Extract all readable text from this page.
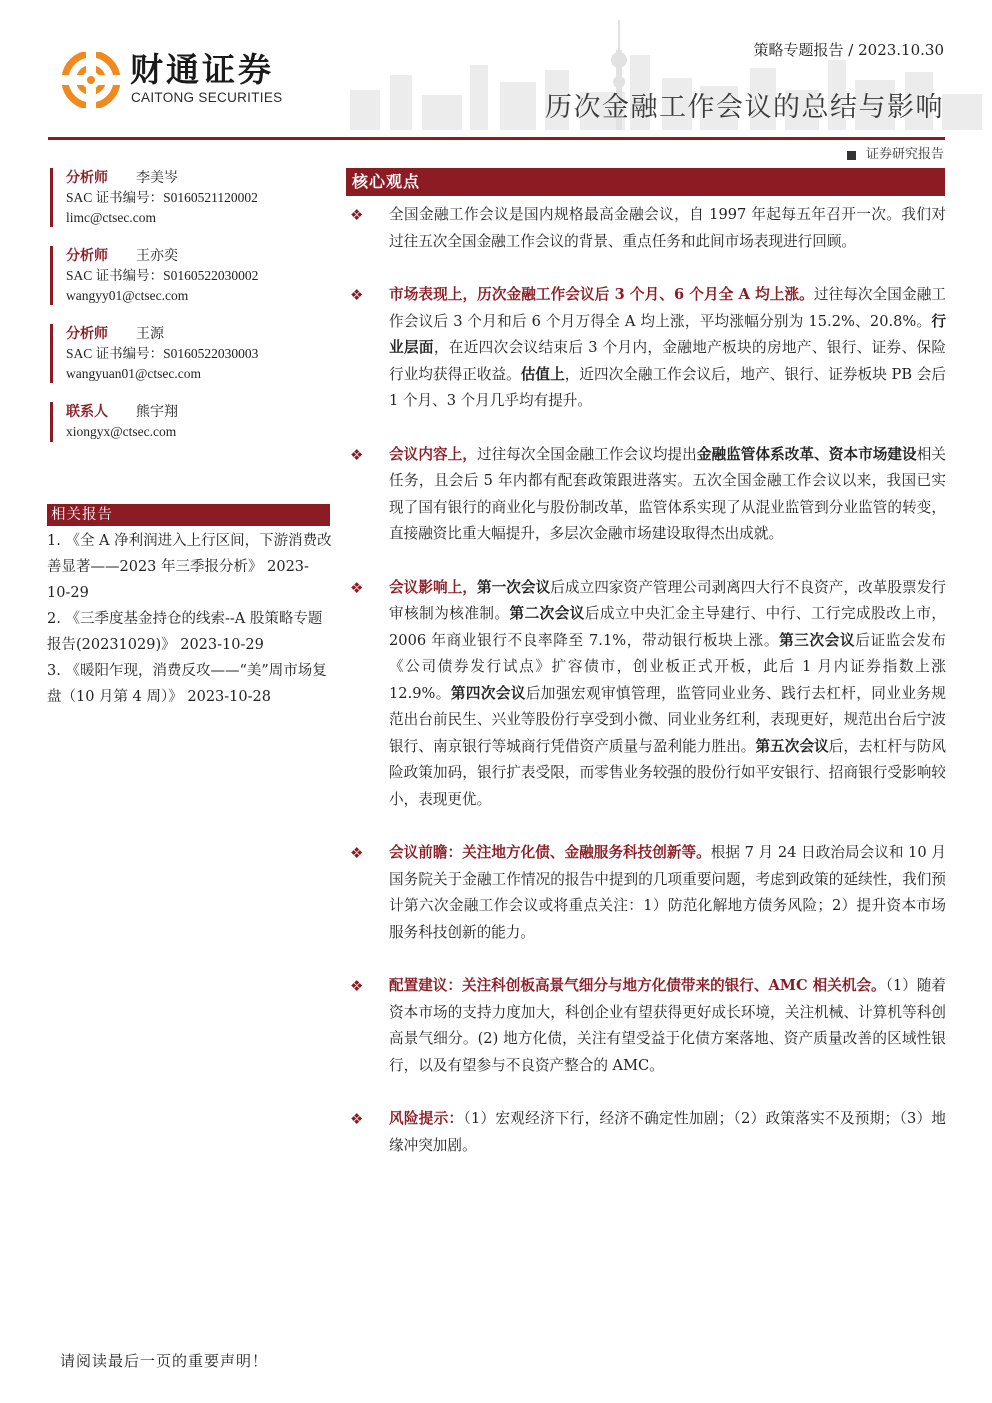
财通证券
CAITONG SECURITIES
策略专题报告 / 2023.10.30
历次金融工作会议的总结与影响
证券研究报告
分析师 李美岑
SAC 证书编号：S0160521120002
limc@ctsec.com
分析师 王亦奕
SAC 证书编号：S0160522030002
wangyy01@ctsec.com
分析师 王源
SAC 证书编号：S0160522030003
wangyuan01@ctsec.com
联系人 熊宇翔
xiongyx@ctsec.com
相关报告
1. 《全 A 净利润进入上行区间，下游消费改善显著——2023 年三季报分析》 2023-10-29
2. 《三季度基金持仓的线索--A 股策略专题报告(20231029)》 2023-10-29
3. 《暖阳乍现，消费反攻——“美”周市场复盘（10 月第 4 周）》 2023-10-28
核心观点
❖ 全国金融工作会议是国内规格最高金融会议，自 1997 年起每五年召开一次。我们对过往五次全国金融工作会议的背景、重点任务和此间市场表现进行回顾。
❖ 市场表现上，历次金融工作会议后 3 个月、6 个月全 A 均上涨。过往每次全国金融工作会议后 3 个月和后 6 个月万得全 A 均上涨，平均涨幅分别为 15.2%、20.8%。行业层面，在近四次会议结束后 3 个月内，金融地产板块的房地产、银行、证券、保险行业均获得正收益。估值上，近四次全融工作会议后，地产、银行、证券板块 PB 会后 1 个月、3 个月几乎均有提升。
❖ 会议内容上，过往每次全国金融工作会议均提出金融监管体系改革、资本市场建设相关任务，且会后 5 年内都有配套政策跟进落实。五次全国金融工作会议以来，我国已实现了国有银行的商业化与股份制改革，监管体系实现了从混业监管到分业监管的转变，直接融资比重大幅提升，多层次金融市场建设取得杰出成就。
❖ 会议影响上，第一次会议后成立四家资产管理公司剥离四大行不良资产，改革股票发行审核制为核准制。第二次会议后成立中央汇金主导建行、中行、工行完成股改上市，2006 年商业银行不良率降至 7.1%，带动银行板块上涨。第三次会议后证监会发布《公司债券发行试点》扩容债市，创业板正式开板，此后 1 月内证券指数上涨 12.9%。第四次会议后加强宏观审慎管理，监管同业业务、践行去杠杆，同业业务规范出台前民生、兴业等股份行享受到小微、同业业务红利，表现更好，规范出台后宁波银行、南京银行等城商行凭借资产质量与盈利能力胜出。第五次会议后，去杠杆与防风险政策加码，银行扩表受限，而零售业务较强的股份行如平安银行、招商银行受影响较小，表现更优。
❖ 会议前瞻：关注地方化债、金融服务科技创新等。根据 7 月 24 日政治局会议和 10 月国务院关于金融工作情况的报告中提到的几项重要问题，考虑到政策的延续性，我们预计第六次金融工作会议或将重点关注：1）防范化解地方债务风险；2）提升资本市场服务科技创新的能力。
❖ 配置建议：关注科创板高景气细分与地方化债带来的银行、AMC 相关机会。（1）随着资本市场的支持力度加大，科创企业有望获得更好成长环境，关注机械、计算机等科创高景气细分。(2) 地方化债，关注有望受益于化债方案落地、资产质量改善的区域性银行，以及有望参与不良资产整合的 AMC。
❖ 风险提示：（1）宏观经济下行，经济不确定性加剧；（2）政策落实不及预期；（3）地缘冲突加剧。
请阅读最后一页的重要声明！
